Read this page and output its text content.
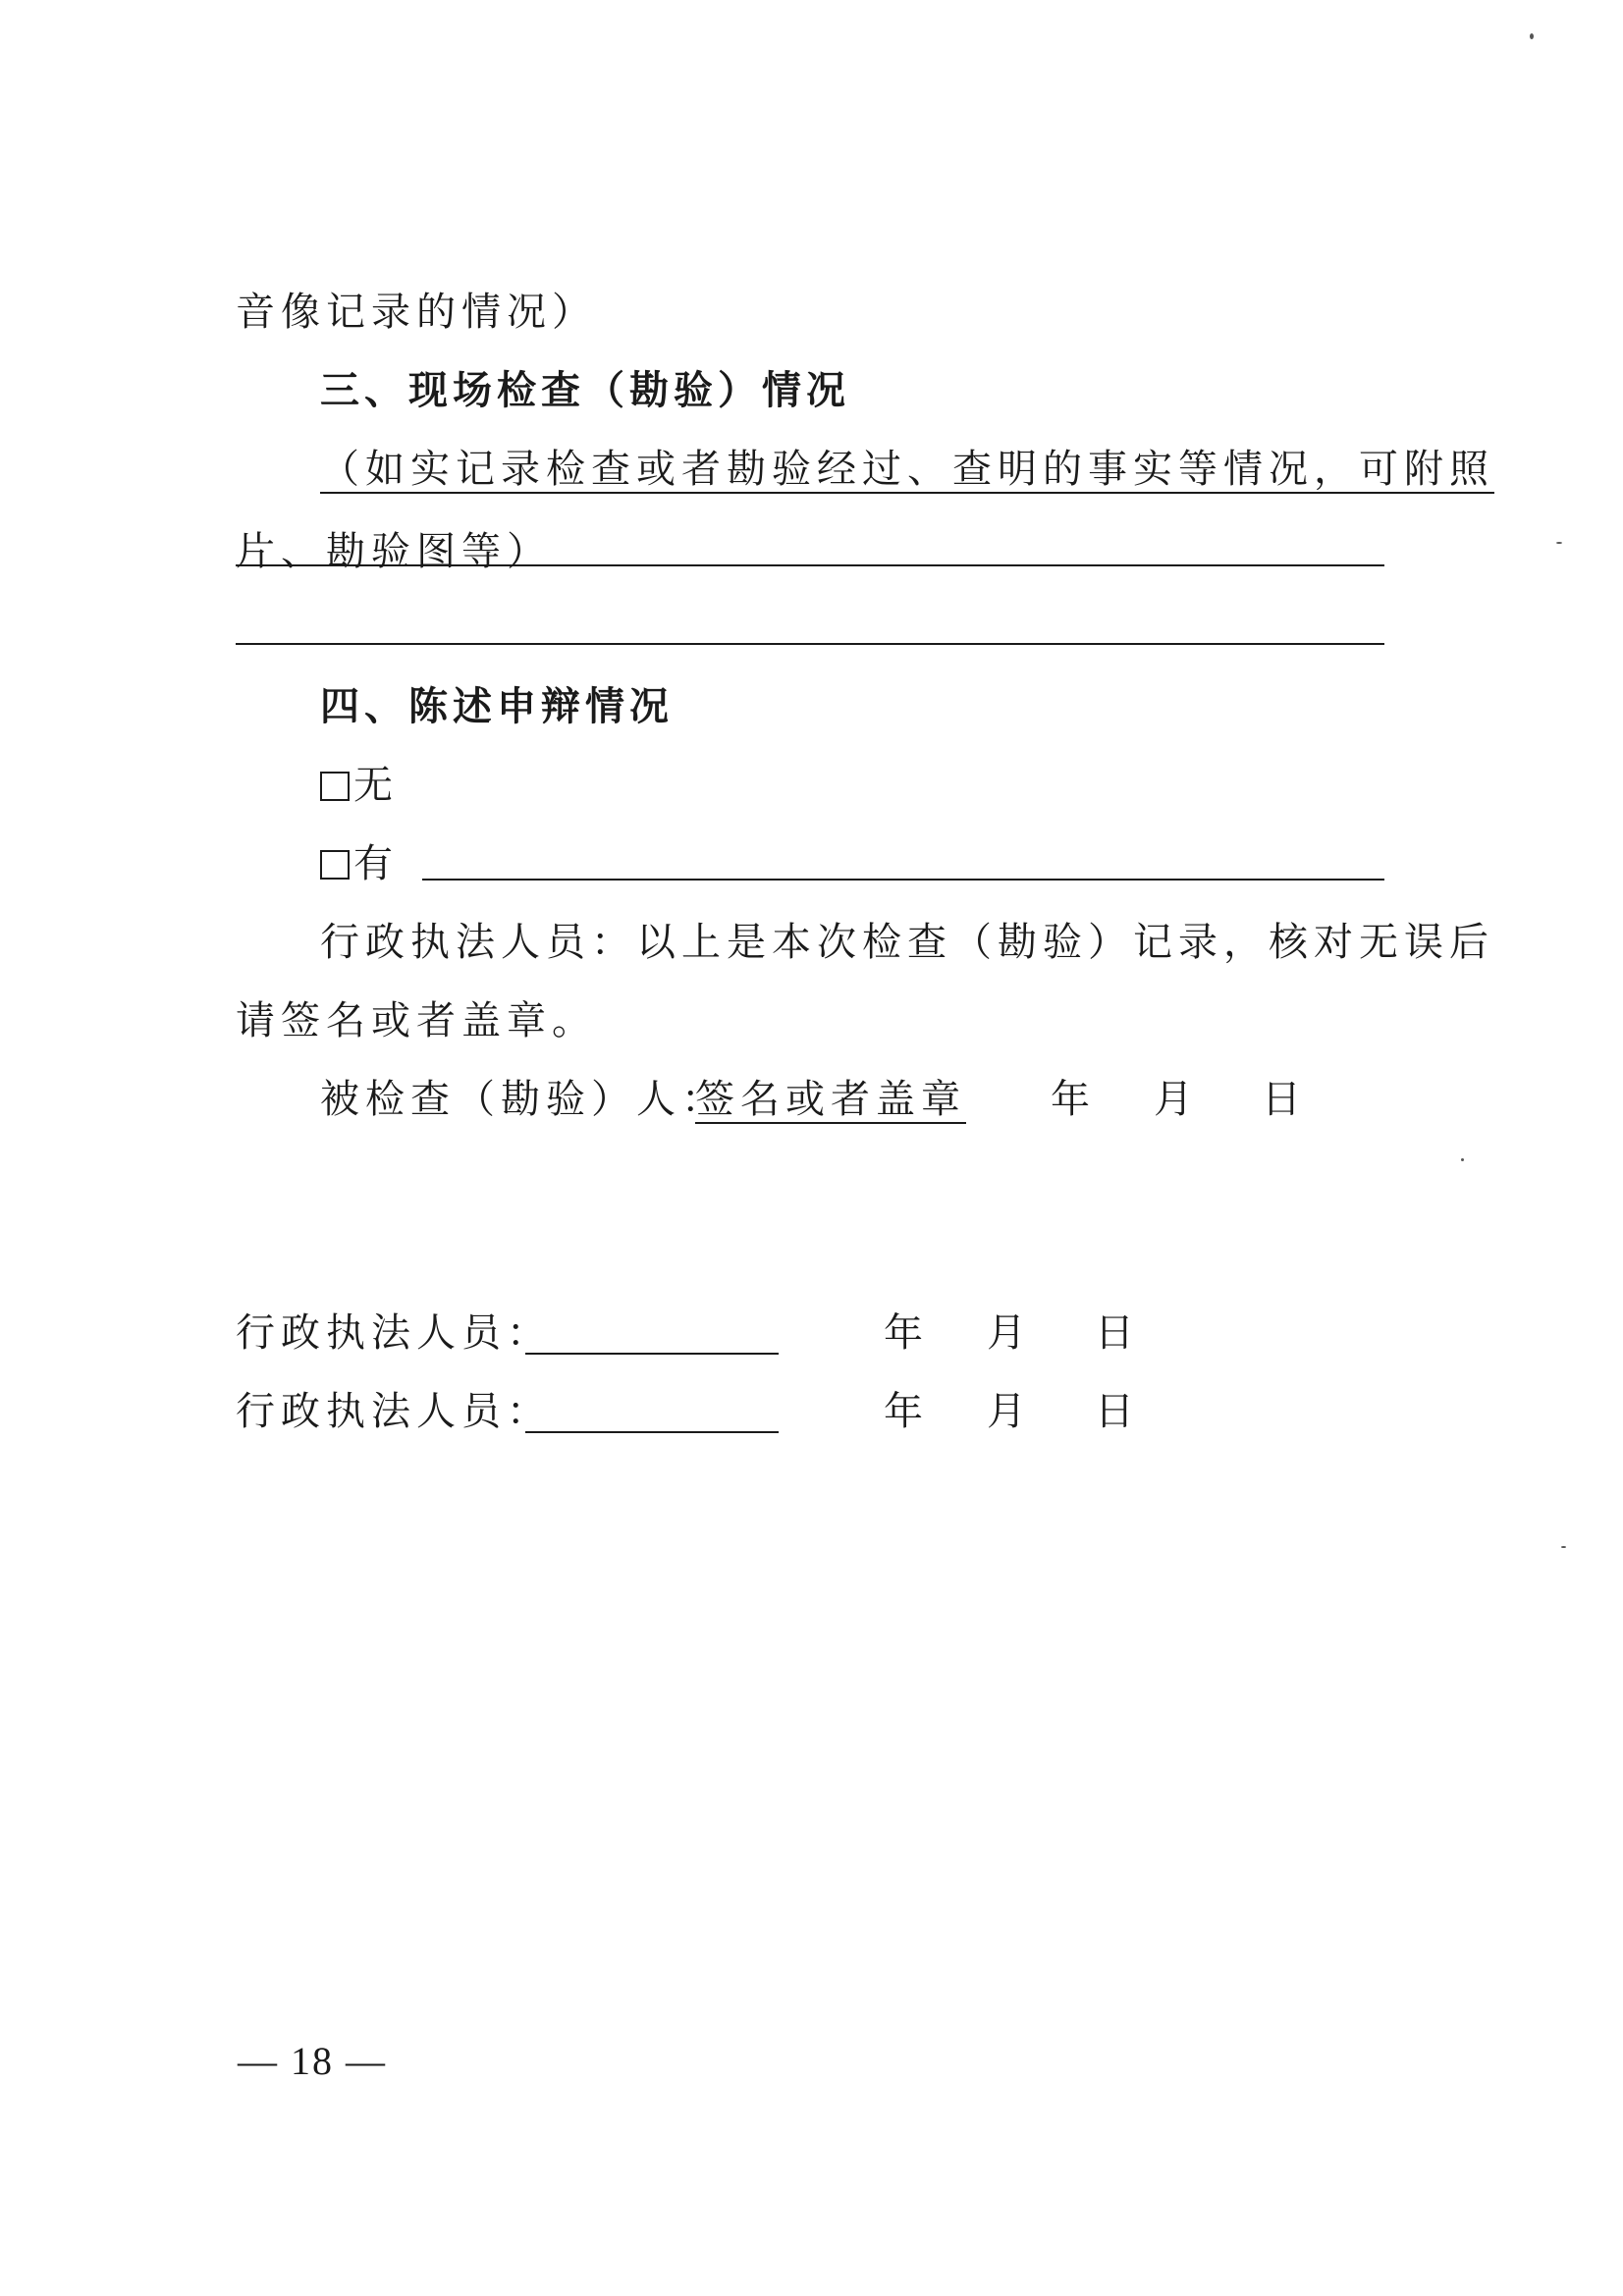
音像记录的情况）
三、现场检查（勘验）情况
（如实记录检查或者勘验经过、查明的事实等情况，可附照
片、勘验图等）
四、陈述申辩情况
无
有
行政执法人员：以上是本次检查（勘验）记录，核对无误后
请签名或者盖章。
被检查（勘验）人：
签名或者盖章 年 月 日
行政执法人员：	年 月 日
行政执法人员：	年 月 日
— 18 —
